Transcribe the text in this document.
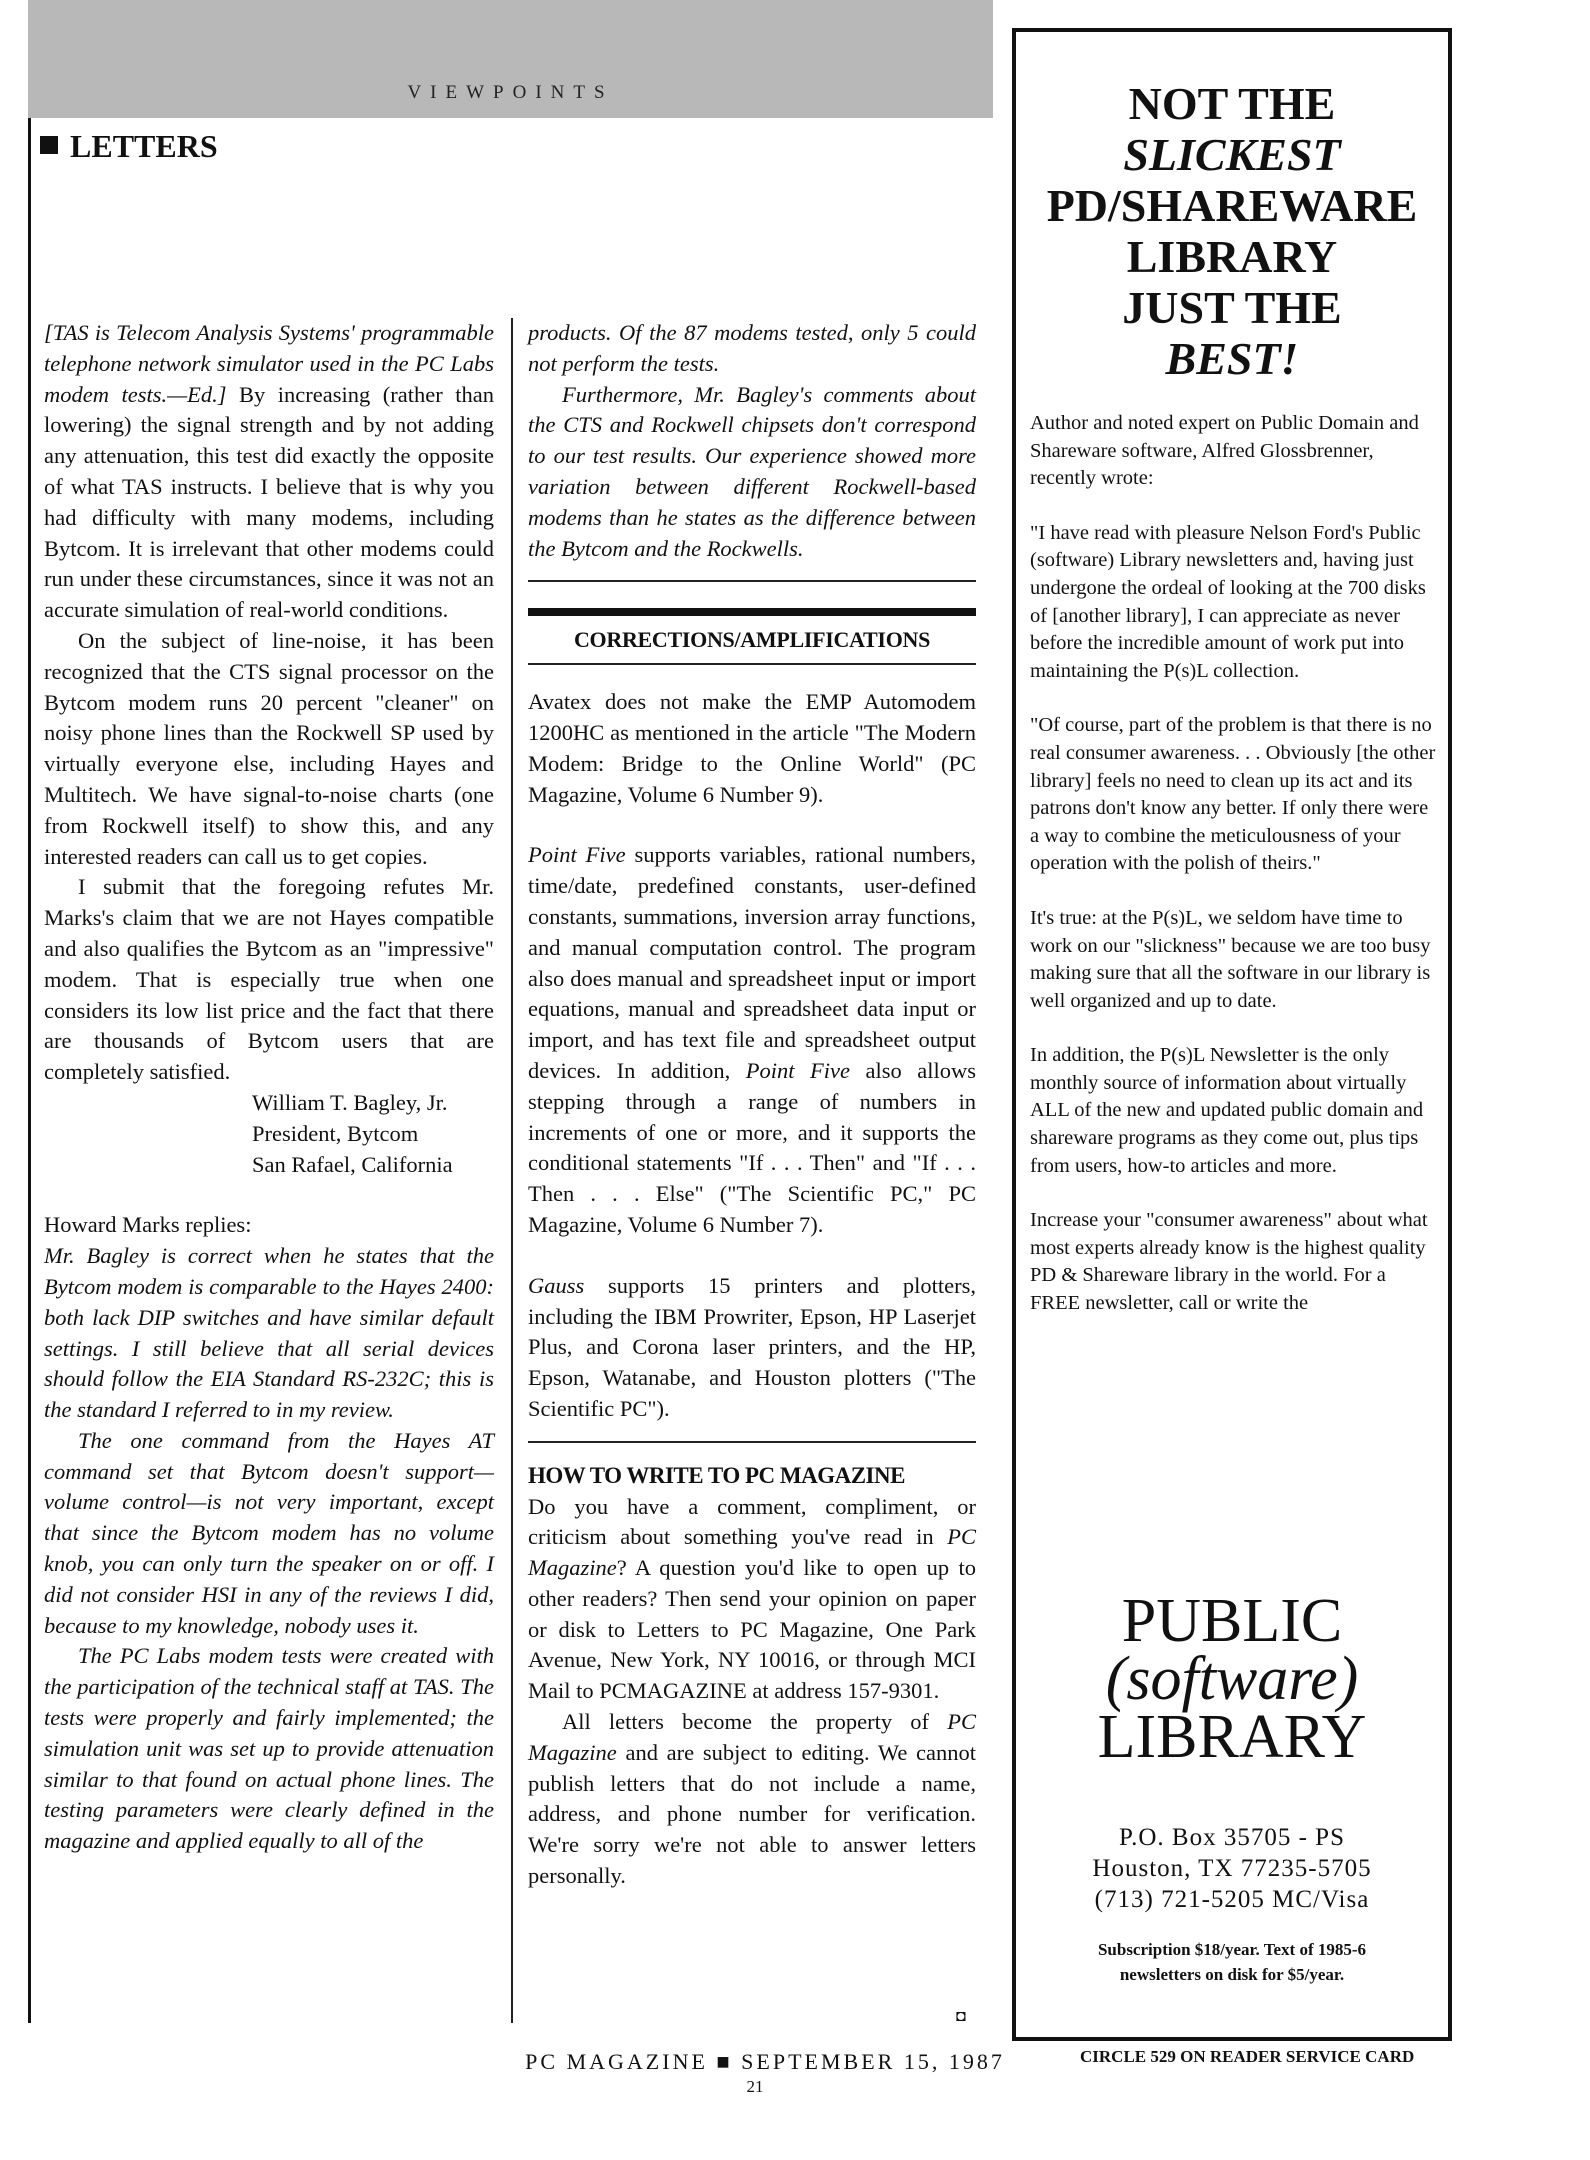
VIEWPOINTS
LETTERS

[TAS is Telecom Analysis Systems' programmable telephone network simulator used in the PC Labs modem tests.—Ed.] By increasing (rather than lowering) the signal strength and by not adding any attenuation, this test did exactly the opposite of what TAS instructs. I believe that is why you had difficulty with many modems, including Bytcom. It is irrelevant that other modems could run under these circumstances, since it was not an accurate simulation of real-world conditions.

On the subject of line-noise, it has been recognized that the CTS signal processor on the Bytcom modem runs 20 percent "cleaner" on noisy phone lines than the Rockwell SP used by virtually everyone else, including Hayes and Multitech. We have signal-to-noise charts (one from Rockwell itself) to show this, and any interested readers can call us to get copies.

I submit that the foregoing refutes Mr. Marks's claim that we are not Hayes compatible and also qualifies the Bytcom as an "impressive" modem. That is especially true when one considers its low list price and the fact that there are thousands of Bytcom users that are completely satisfied.

William T. Bagley, Jr.

President, Bytcom

San Rafael, California

Howard Marks replies:

Mr. Bagley is correct when he states that the Bytcom modem is comparable to the Hayes 2400: both lack DIP switches and have similar default settings. I still believe that all serial devices should follow the EIA Standard RS-232C; this is the standard I referred to in my review.

The one command from the Hayes AT command set that Bytcom doesn't support—volume control—is not very important, except that since the Bytcom modem has no volume knob, you can only turn the speaker on or off. I did not consider HSI in any of the reviews I did, because to my knowledge, nobody uses it.

The PC Labs modem tests were created with the participation of the technical staff at TAS. The tests were properly and fairly implemented; the simulation unit was set up to provide attenuation similar to that found on actual phone lines. The testing parameters were clearly defined in the magazine and applied equally to all of the

products. Of the 87 modems tested, only 5 could not perform the tests.

Furthermore, Mr. Bagley's comments about the CTS and Rockwell chipsets don't correspond to our test results. Our experience showed more variation between different Rockwell-based modems than he states as the difference between the Bytcom and the Rockwells.

CORRECTIONS/AMPLIFICATIONS

Avatex does not make the EMP Automodem 1200HC as mentioned in the article "The Modern Modem: Bridge to the Online World" (PC Magazine, Volume 6 Number 9).

Point Five supports variables, rational numbers, time/date, predefined constants, user-defined constants, summations, inversion array functions, and manual computation control. The program also does manual and spreadsheet input or import equations, manual and spreadsheet data input or import, and has text file and spreadsheet output devices. In addition, Point Five also allows stepping through a range of numbers in increments of one or more, and it supports the conditional statements "If . . . Then" and "If . . . Then . . . Else" ("The Scientific PC," PC Magazine, Volume 6 Number 7).

Gauss supports 15 printers and plotters, including the IBM Prowriter, Epson, HP Laserjet Plus, and Corona laser printers, and the HP, Epson, Watanabe, and Houston plotters ("The Scientific PC").

HOW TO WRITE TO PC MAGAZINE

Do you have a comment, compliment, or criticism about something you've read in PC Magazine? A question you'd like to open up to other readers? Then send your opinion on paper or disk to Letters to PC Magazine, One Park Avenue, New York, NY 10016, or through MCI Mail to PCMAGAZINE at address 157-9301.

All letters become the property of PC Magazine and are subject to editing. We cannot publish letters that do not include a name, address, and phone number for verification. We're sorry we're not able to answer letters personally.

◘
NOT THE
SLICKEST
PD/SHAREWARE
LIBRARY
JUST THE
BEST!

Author and noted expert on Public Domain and Shareware software, Alfred Glossbrenner, recently wrote:

"I have read with pleasure Nelson Ford's Public (software) Library newsletters and, having just undergone the ordeal of looking at the 700 disks of [another library], I can appreciate as never before the incredible amount of work put into maintaining the P(s)L collection.

"Of course, part of the problem is that there is no real consumer awareness. . . Obviously [the other library] feels no need to clean up its act and its patrons don't know any better. If only there were a way to combine the meticulousness of your operation with the polish of theirs."

It's true: at the P(s)L, we seldom have time to work on our "slickness" because we are too busy making sure that all the software in our library is well organized and up to date.

In addition, the P(s)L Newsletter is the only monthly source of information about virtually ALL of the new and updated public domain and shareware programs as they come out, plus tips from users, how-to articles and more.

Increase your "consumer awareness" about what most experts already know is the highest quality PD & Shareware library in the world. For a FREE newsletter, call or write the

PUBLIC
(software)
LIBRARY
P.O. Box 35705 - PS
Houston, TX 77235-5705
(713) 721-5205 MC/Visa
Subscription $18/year. Text of 1985-6
newsletters on disk for $5/year.
PC MAGAZINE ■ SEPTEMBER 15, 1987
21
CIRCLE 529 ON READER SERVICE CARD
